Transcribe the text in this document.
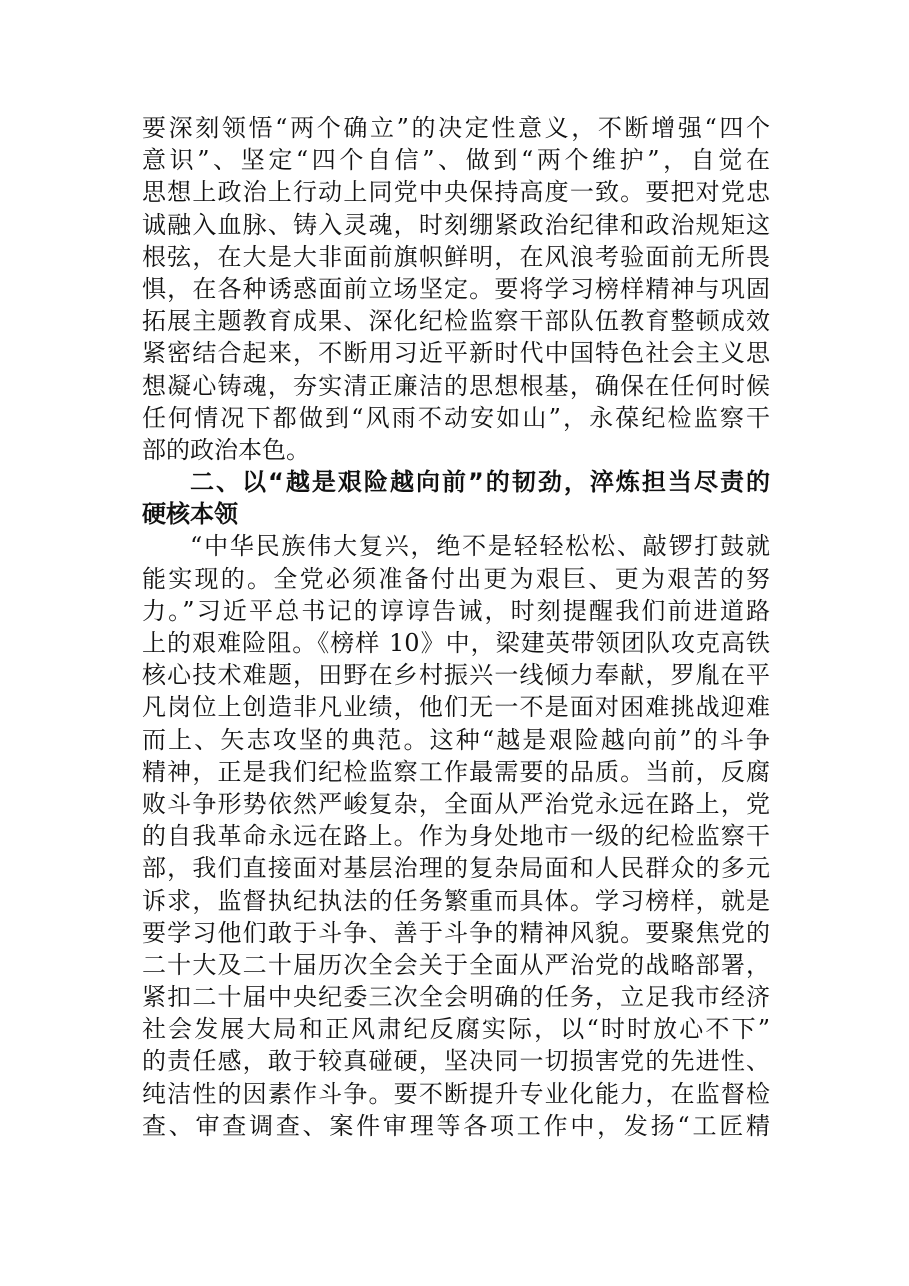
要深刻领悟“两个确立”的决定性意义，不断增强“四个
意识”、坚定“四个自信”、做到“两个维护”，自觉在
思想上政治上行动上同党中央保持高度一致。要把对党忠
诚融入血脉、铸入灵魂，时刻绷紧政治纪律和政治规矩这
根弦，在大是大非面前旗帜鲜明，在风浪考验面前无所畏
惧，在各种诱惑面前立场坚定。要将学习榜样精神与巩固
拓展主题教育成果、深化纪检监察干部队伍教育整顿成效
紧密结合起来，不断用习近平新时代中国特色社会主义思
想凝心铸魂，夯实清正廉洁的思想根基，确保在任何时候
任何情况下都做到“风雨不动安如山”，永葆纪检监察干
部的政治本色。
二、以“越是艰险越向前”的韧劲，淬炼担当尽责的
硬核本领
“中华民族伟大复兴，绝不是轻轻松松、敲锣打鼓就
能实现的。全党必须准备付出更为艰巨、更为艰苦的努
力。”习近平总书记的谆谆告诫，时刻提醒我们前进道路
上的艰难险阻。《榜样 10》中，梁建英带领团队攻克高铁
核心技术难题，田野在乡村振兴一线倾力奉献，罗胤在平
凡岗位上创造非凡业绩，他们无一不是面对困难挑战迎难
而上、矢志攻坚的典范。这种“越是艰险越向前”的斗争
精神，正是我们纪检监察工作最需要的品质。当前，反腐
败斗争形势依然严峻复杂，全面从严治党永远在路上，党
的自我革命永远在路上。作为身处地市一级的纪检监察干
部，我们直接面对基层治理的复杂局面和人民群众的多元
诉求，监督执纪执法的任务繁重而具体。学习榜样，就是
要学习他们敢于斗争、善于斗争的精神风貌。要聚焦党的
二十大及二十届历次全会关于全面从严治党的战略部署，
紧扣二十届中央纪委三次全会明确的任务，立足我市经济
社会发展大局和正风肃纪反腐实际，以“时时放心不下”
的责任感，敢于较真碰硬，坚决同一切损害党的先进性、
纯洁性的因素作斗争。要不断提升专业化能力，在监督检
查、审查调查、案件审理等各项工作中，发扬“工匠精
